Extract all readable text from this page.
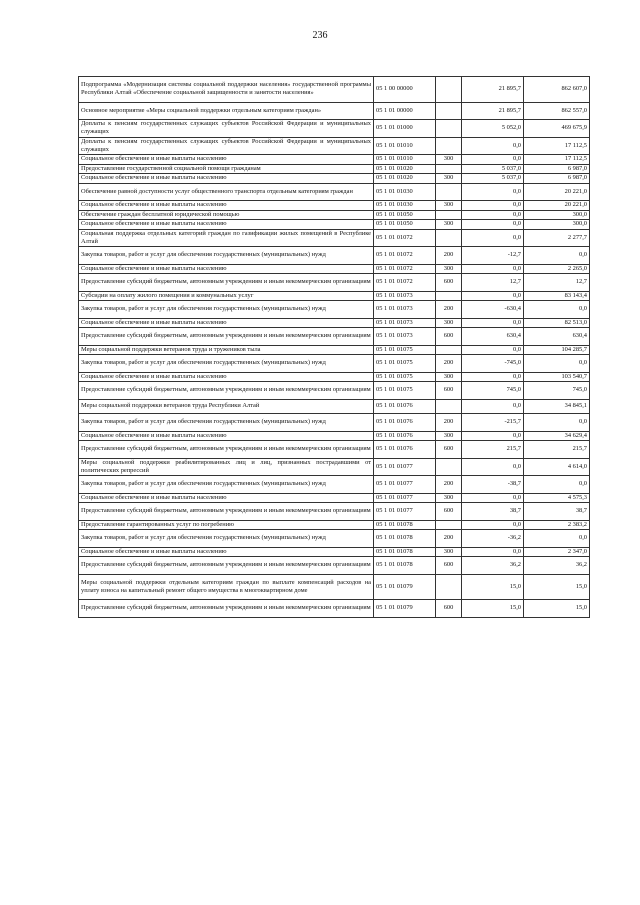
236
Подпрограмма «Модернизация системы социальной поддержки населения» государственной программы Республики Алтай «Обеспечение социальной защищенности и занятости населения»	05 1 00 00000		21 895,7	862 607,0
Основное мероприятие «Меры социальной поддержки отдельным категориям граждан»	05 1 01 00000		21 895,7	862 557,0
Доплаты к пенсиям государственных служащих субъектов Российской Федерации и муниципальных служащих	05 1 01 01000		5 052,0	469 675,9
Доплаты к пенсиям государственных служащих субъектов Российской Федерации и муниципальных служащих	05 1 01 01010		0,0	17 112,5
Социальное обеспечение и иные выплаты населению	05 1 01 01010	300	0,0	17 112,5
Предоставление государственной социальной помощи гражданам	05 1 01 01020		5 037,0	6 987,0
Социальное обеспечение и иные выплаты населению	05 1 01 01020	300	5 037,0	6 987,0
Обеспечение равной доступности услуг общественного транспорта отдельным категориям граждан	05 1 01 01030		0,0	20 221,0
Социальное обеспечение и иные выплаты населению	05 1 01 01030	300	0,0	20 221,0
Обеспечение граждан бесплатной юридической помощью	05 1 01 01050		0,0	300,0
Социальное обеспечение и иные выплаты населению	05 1 01 01050	300	0,0	300,0
Социальная поддержка отдельных категорий граждан по газификации жилых помещений в Республике Алтай	05 1 01 01072		0,0	2 277,7
Закупка товаров, работ и услуг для обеспечения государственных (муниципальных) нужд	05 1 01 01072	200	-12,7	0,0
Социальное обеспечение и иные выплаты населению	05 1 01 01072	300	0,0	2 265,0
Предоставление субсидий бюджетным, автономным учреждениям и иным некоммерческим организациям	05 1 01 01072	600	12,7	12,7
Субсидии на оплату жилого помещения и коммунальных услуг	05 1 01 01073		0,0	83 143,4
Закупка товаров, работ и услуг для обеспечения государственных (муниципальных) нужд	05 1 01 01073	200	-630,4	0,0
Социальное обеспечение и иные выплаты населению	05 1 01 01073	300	0,0	82 513,0
Предоставление субсидий бюджетным, автономным учреждениям и иным некоммерческим организациям	05 1 01 01073	600	630,4	630,4
Меры социальной поддержки ветеранов труда и тружеников тыла	05 1 01 01075		0,0	104 285,7
Закупка товаров, работ и услуг для обеспечения государственных (муниципальных) нужд	05 1 01 01075	200	-745,0	0,0
Социальное обеспечение и иные выплаты населению	05 1 01 01075	300	0,0	103 540,7
Предоставление субсидий бюджетным, автономным учреждениям и иным некоммерческим организациям	05 1 01 01075	600	745,0	745,0
Меры социальной поддержки ветеранов труда Республики Алтай	05 1 01 01076		0,0	34 845,1
Закупка товаров, работ и услуг для обеспечения государственных (муниципальных) нужд	05 1 01 01076	200	-215,7	0,0
Социальное обеспечение и иные выплаты населению	05 1 01 01076	300	0,0	34 629,4
Предоставление субсидий бюджетным, автономным учреждениям и иным некоммерческим организациям	05 1 01 01076	600	215,7	215,7
Меры социальной поддержки реабилитированных лиц и лиц, признанных пострадавшими от политических репрессий	05 1 01 01077		0,0	4 614,0
Закупка товаров, работ и услуг для обеспечения государственных (муниципальных) нужд	05 1 01 01077	200	-38,7	0,0
Социальное обеспечение и иные выплаты населению	05 1 01 01077	300	0,0	4 575,3
Предоставление субсидий бюджетным, автономным учреждениям и иным некоммерческим организациям	05 1 01 01077	600	38,7	38,7
Предоставление гарантированных услуг по погребению	05 1 01 01078		0,0	2 383,2
Закупка товаров, работ и услуг для обеспечения государственных (муниципальных) нужд	05 1 01 01078	200	-36,2	0,0
Социальное обеспечение и иные выплаты населению	05 1 01 01078	300	0,0	2 347,0
Предоставление субсидий бюджетным, автономным учреждениям и иным некоммерческим организациям	05 1 01 01078	600	36,2	36,2
Меры социальной поддержки отдельным категориям граждан по выплате компенсаций расходов на уплату взноса на капитальный ремонт общего имущества в многоквартирном доме	05 1 01 01079		15,0	15,0
Предоставление субсидий бюджетным, автономным учреждениям и иным некоммерческим организациям	05 1 01 01079	600	15,0	15,0
